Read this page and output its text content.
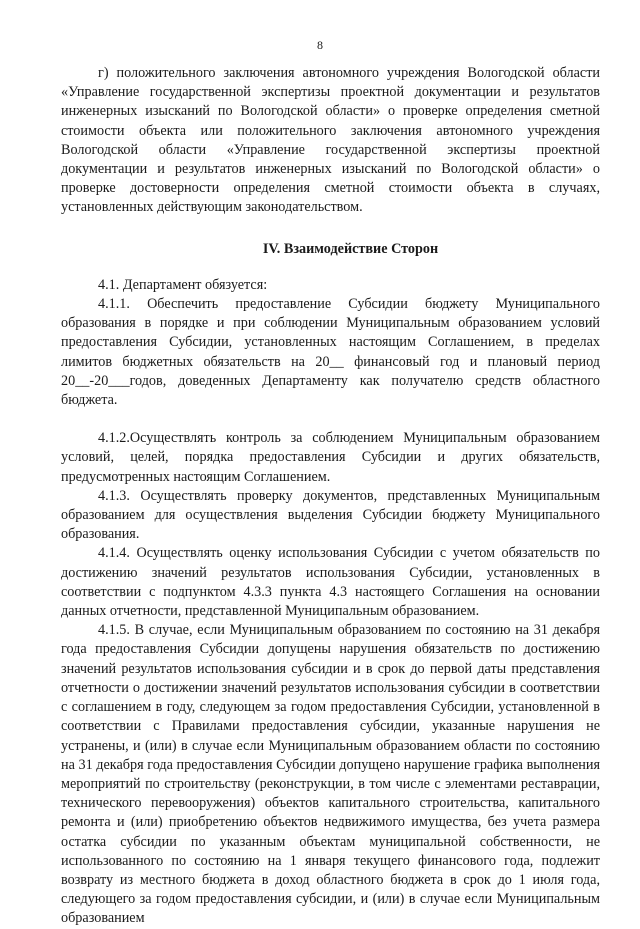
8

г) положительного заключения автономного учреждения Вологодской области «Управление государственной экспертизы проектной документации и результатов инженерных изысканий по Вологодской области» о проверке определения сметной стоимости объекта или положительного заключения автономного учреждения Вологодской области «Управление государственной экспертизы проектной документации и результатов инженерных изысканий по Вологодской области» о проверке достоверности определения сметной стоимости объекта в случаях, установленных действующим законодательством.

IV. Взаимодействие Сторон

4.1. Департамент обязуется:

4.1.1. Обеспечить предоставление Субсидии бюджету Муниципального образования в порядке и при соблюдении Муниципальным образованием условий предоставления Субсидии, установленных настоящим Соглашением, в пределах лимитов бюджетных обязательств на 20__ финансовый год и плановый период 20__-20___годов, доведенных Департаменту как получателю средств областного бюджета.

4.1.2.Осуществлять контроль за соблюдением Муниципальным образованием условий, целей, порядка предоставления Субсидии и других обязательств, предусмотренных настоящим Соглашением.

4.1.3. Осуществлять проверку документов, представленных Муниципальным образованием для осуществления выделения Субсидии бюджету Муниципального образования.

4.1.4. Осуществлять оценку использования Субсидии с учетом обязательств по достижению значений результатов использования Субсидии, установленных в соответствии с подпунктом 4.3.3 пункта 4.3 настоящего Соглашения на основании данных отчетности, представленной Муниципальным образованием.

4.1.5. В случае, если Муниципальным образованием по состоянию на 31 декабря года предоставления Субсидии допущены нарушения обязательств по достижению значений результатов использования субсидии и в срок до первой даты представления отчетности о достижении значений результатов использования субсидии в соответствии с соглашением в году, следующем за годом предоставления Субсидии, установленной в соответствии с Правилами предоставления субсидии, указанные нарушения не устранены, и (или) в случае если Муниципальным образованием области по состоянию на 31 декабря года предоставления Субсидии допущено нарушение графика выполнения мероприятий по строительству (реконструкции, в том числе с элементами реставрации, технического перевооружения) объектов капитального строительства, капитального ремонта и (или) приобретению объектов недвижимого имущества, без учета размера остатка субсидии по указанным объектам муниципальной собственности, не использованного по состоянию на 1 января текущего финансового года, подлежит возврату из местного бюджета в доход областного бюджета в срок до 1 июля года, следующего за годом предоставления субсидии, и (или) в случае если Муниципальным образованием
